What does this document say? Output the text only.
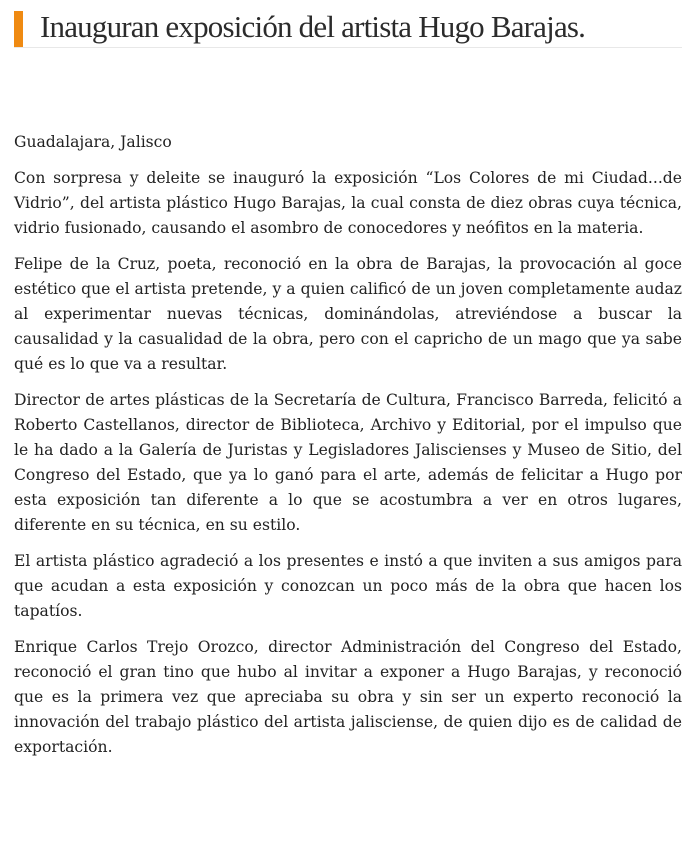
Inauguran exposición del artista Hugo Barajas.

Guadalajara, Jalisco

Con sorpresa y deleite se inauguró la exposición “Los Colores de mi Ciudad...de Vidrio”, del artista plástico Hugo Barajas, la cual consta de diez obras cuya técnica, vidrio fusionado, causando el asombro de conocedores y neófitos en la materia.

Felipe de la Cruz, poeta, reconoció en la obra de Barajas, la provocación al goce estético que el artista pretende, y a quien calificó de un joven completamente audaz al experimentar nuevas técnicas, dominándolas, atreviéndose a buscar la causalidad y la casualidad de la obra, pero con el capricho de un mago que ya sabe qué es lo que va a resultar.

Director de artes plásticas de la Secretaría de Cultura, Francisco Barreda, felicitó a Roberto Castellanos, director de Biblioteca, Archivo y Editorial, por el impulso que le ha dado a la Galería de Juristas y Legisladores Jaliscienses y Museo de Sitio, del Congreso del Estado, que ya lo ganó para el arte, además de felicitar a Hugo por esta exposición tan diferente a lo que se acostumbra a ver en otros lugares, diferente en su técnica, en su estilo.

El artista plástico agradeció a los presentes e instó a que inviten a sus amigos para que acudan a esta exposición y conozcan un poco más de la obra que hacen los tapatíos.

Enrique Carlos Trejo Orozco, director Administración del Congreso del Estado, reconoció el gran tino que hubo al invitar a exponer a Hugo Barajas, y reconoció que es la primera vez que apreciaba su obra y sin ser un experto reconoció la innovación del trabajo plástico del artista jalisciense, de quien dijo es de calidad de exportación.
